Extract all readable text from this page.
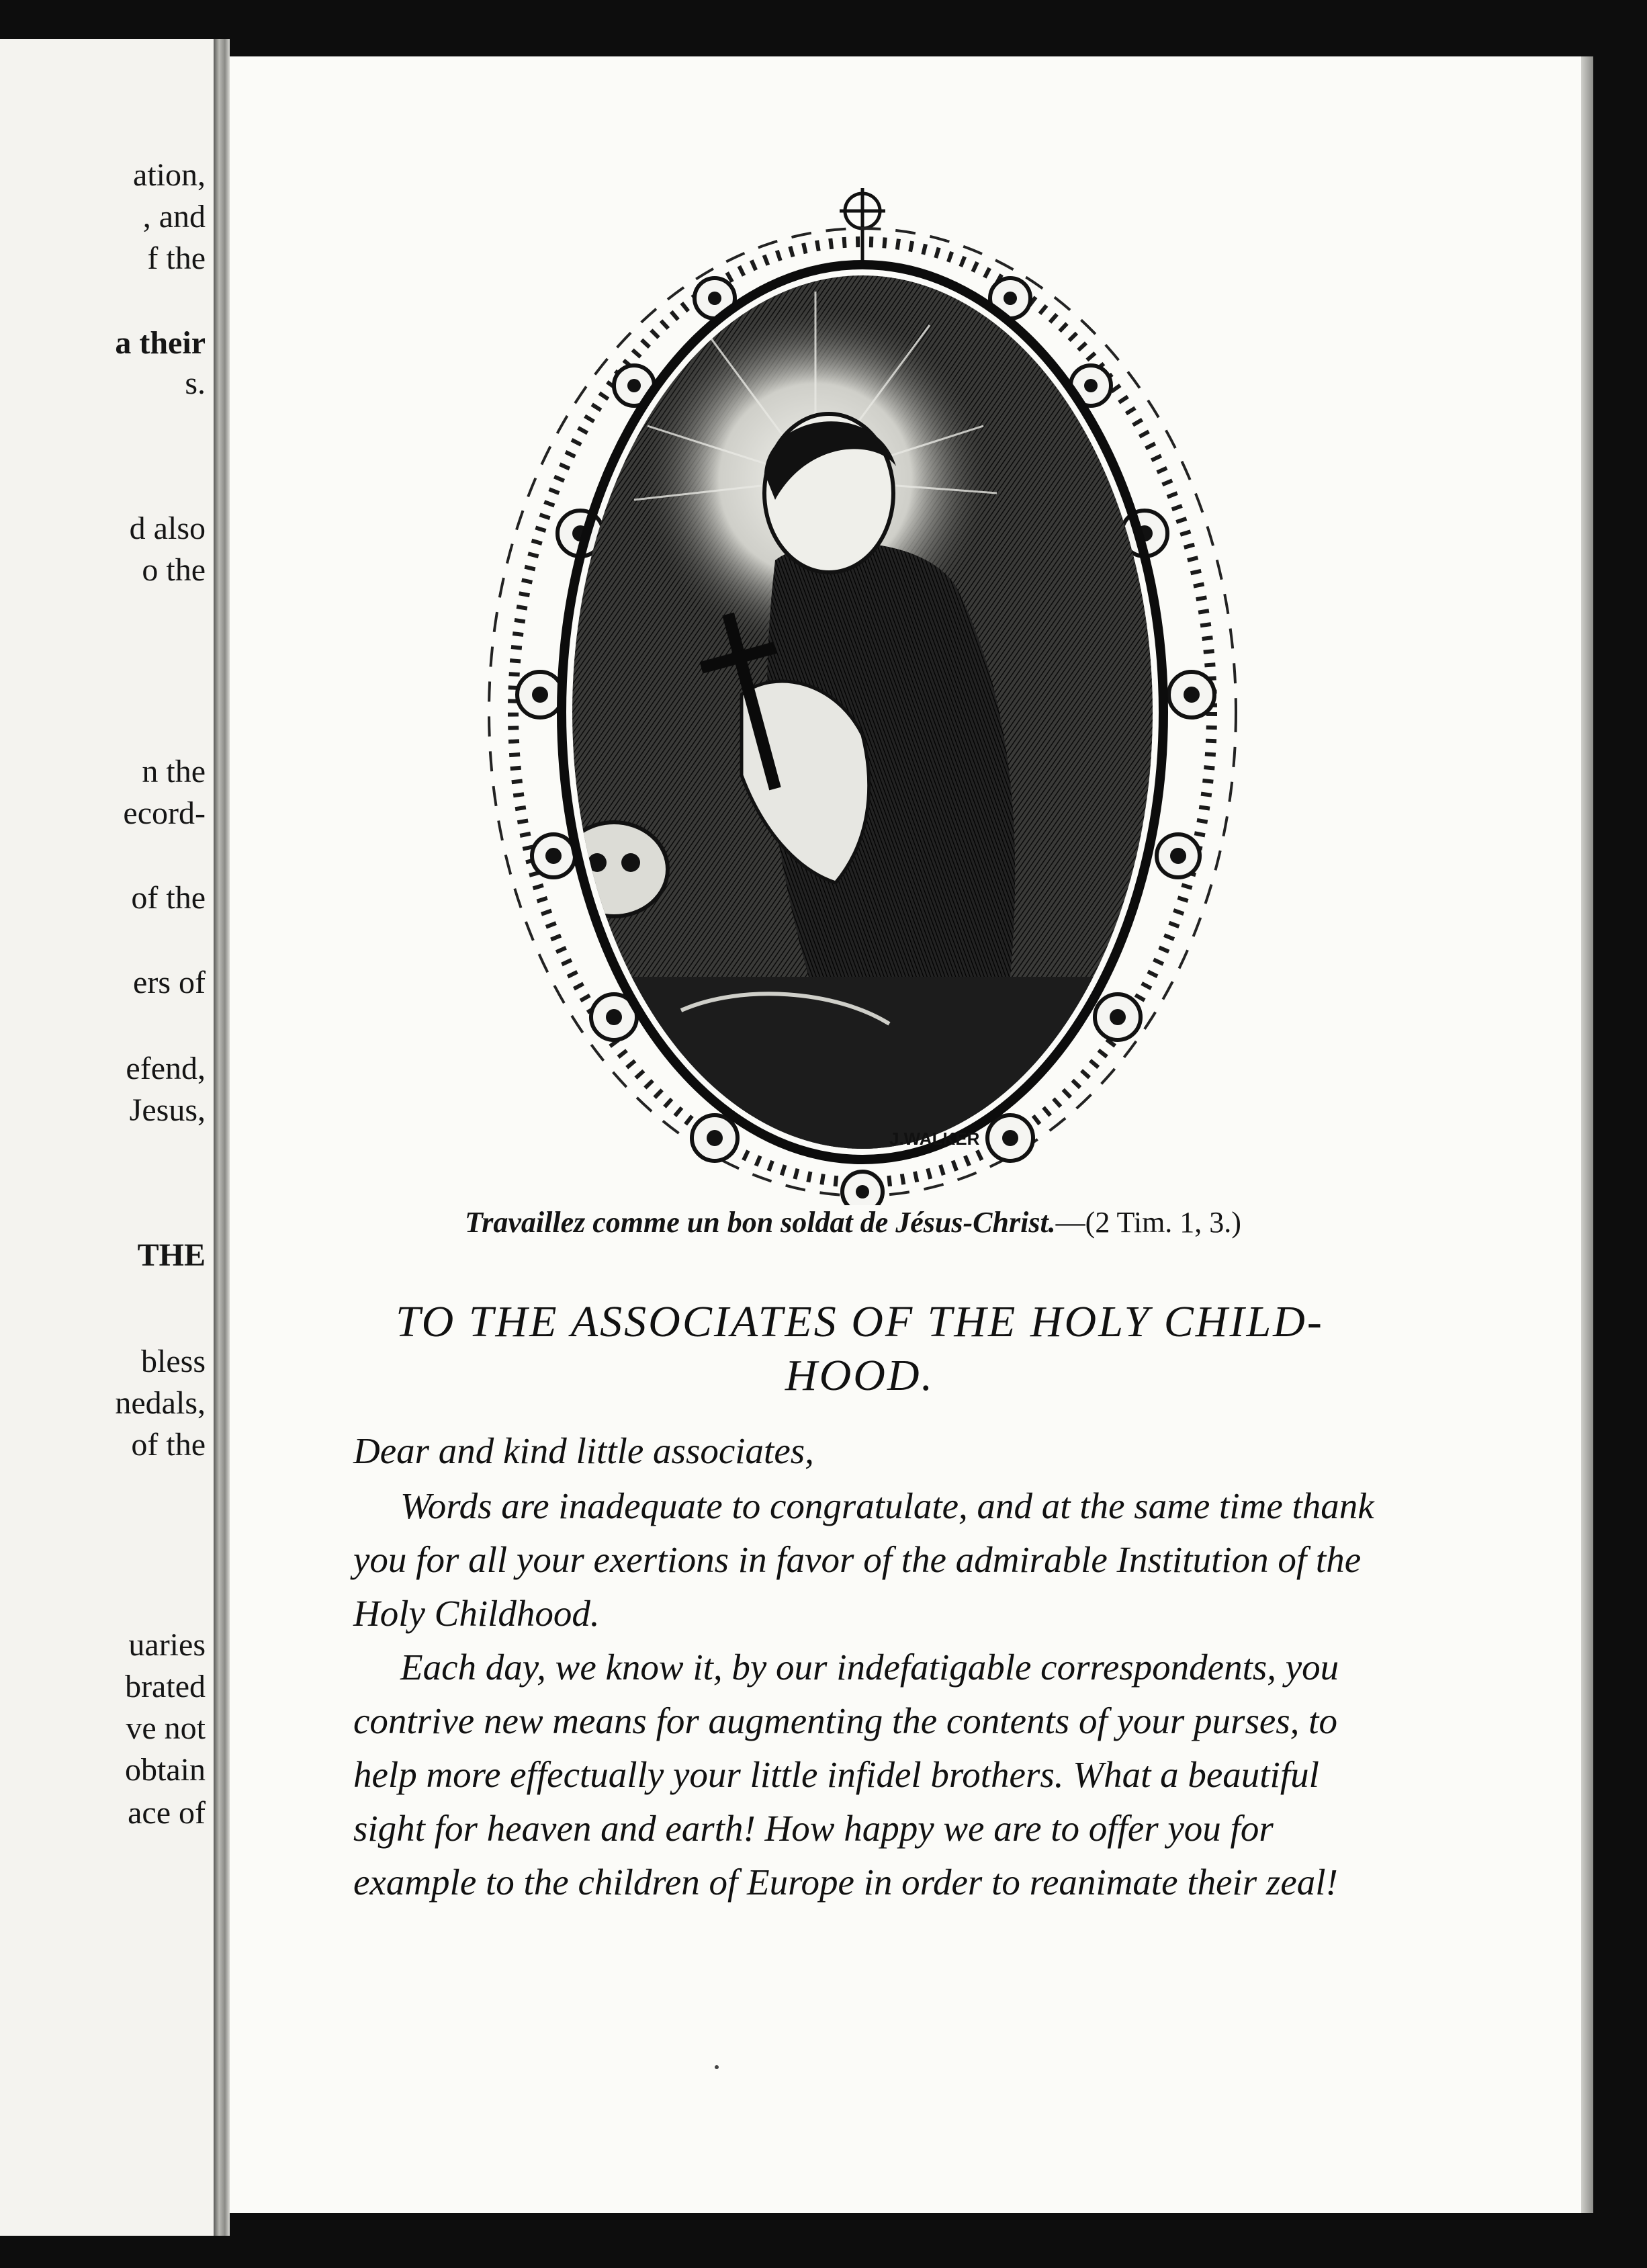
ation,

, and

f the

a their

s.

d also

o the

n the

ecord-

of the

ers of

efend,

Jesus,

THE

bless

nedals,

of the

uaries

brated

ve not

obtain

ace of

J.WALKER

Travaillez comme un bon soldat de Jésus-Christ.—(2 Tim. 1, 3.)

TO THE ASSOCIATES OF THE HOLY CHILD-
HOOD.

Dear and kind little associates,

Words are inadequate to congratulate, and at the same time thank you for all your exertions in favor of the admirable Institution of the Holy Childhood.

Each day, we know it, by our indefatigable correspondents, you contrive new means for augmenting the contents of your purses, to help more effectually your little infidel brothers. What a beautiful sight for heaven and earth! How happy we are to offer you for example to the children of Europe in order to reanimate their zeal!
